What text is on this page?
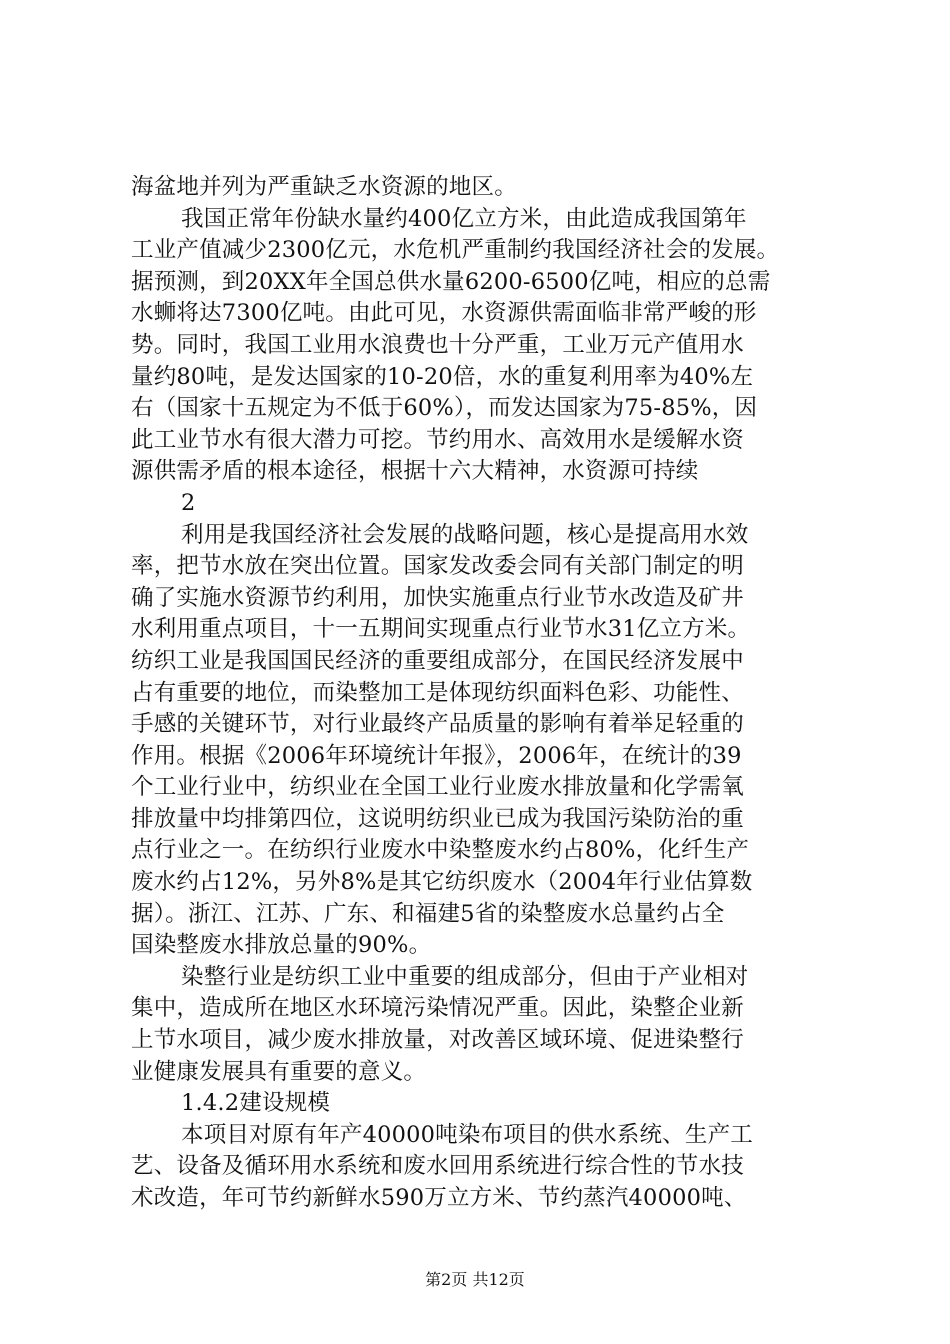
海盆地并列为严重缺乏水资源的地区。
我国正常年份缺水量约400亿立方米，由此造成我国第年
工业产值减少2300亿元，水危机严重制约我国经济社会的发展。
据预测，到20XX年全国总供水量6200-6500亿吨，相应的总需
水蛳将达7300亿吨。由此可见，水资源供需面临非常严峻的形
势。同时，我国工业用水浪费也十分严重，工业万元产值用水
量约80吨，是发达国家的10-20倍，水的重复利用率为40%左
右（国家十五规定为不低于60%），而发达国家为75-85%，因
此工业节水有很大潜力可挖。节约用水、高效用水是缓解水资
源供需矛盾的根本途径，根据十六大精神，水资源可持续
2
利用是我国经济社会发展的战略问题，核心是提高用水效
率，把节水放在突出位置。国家发改委会同有关部门制定的明
确了实施水资源节约利用，加快实施重点行业节水改造及矿井
水利用重点项目，十一五期间实现重点行业节水31亿立方米。
纺织工业是我国国民经济的重要组成部分，在国民经济发展中
占有重要的地位，而染整加工是体现纺织面料色彩、功能性、
手感的关键环节，对行业最终产品质量的影响有着举足轻重的
作用。根据《2006年环境统计年报》，2006年，在统计的39
个工业行业中，纺织业在全国工业行业废水排放量和化学需氧
排放量中均排第四位，这说明纺织业已成为我国污染防治的重
点行业之一。在纺织行业废水中染整废水约占80%，化纤生产
废水约占12%，另外8%是其它纺织废水（2004年行业估算数
据）。浙江、江苏、广东、和福建5省的染整废水总量约占全
国染整废水排放总量的90%。
染整行业是纺织工业中重要的组成部分，但由于产业相对
集中，造成所在地区水环境污染情况严重。因此，染整企业新
上节水项目，减少废水排放量，对改善区域环境、促进染整行
业健康发展具有重要的意义。
1.4.2建设规模
本项目对原有年产40000吨染布项目的供水系统、生产工
艺、设备及循环用水系统和废水回用系统进行综合性的节水技
术改造，年可节约新鲜水590万立方米、节约蒸汽40000吨、
第2页 共12页
